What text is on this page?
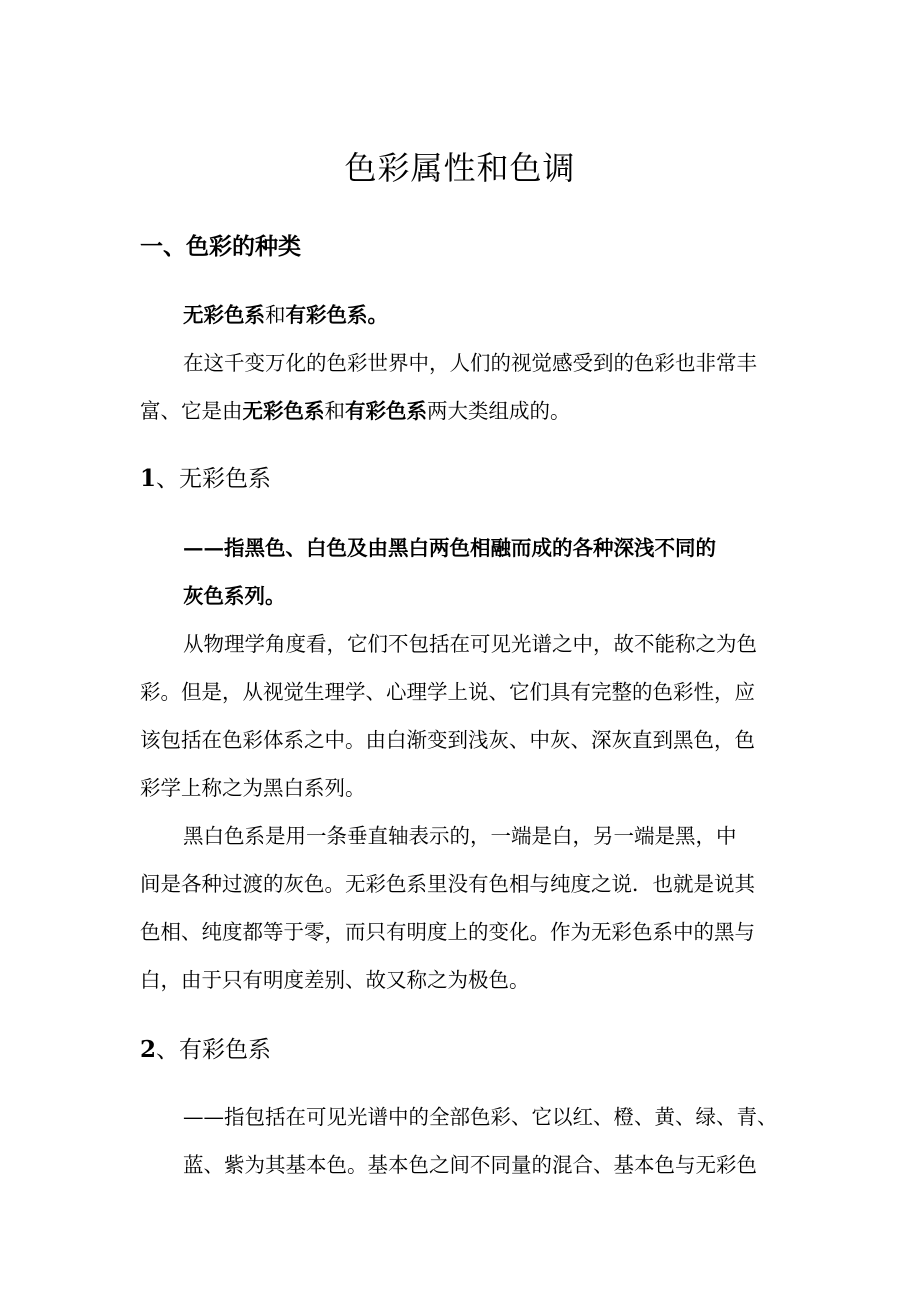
色彩属性和色调
一、色彩的种类

无彩色系和有彩色系。

在这千变万化的色彩世界中，人们的视觉感受到的色彩也非常丰

富、它是由无彩色系和有彩色系两大类组成的。

1、无彩色系

——指黑色、白色及由黑白两色相融而成的各种深浅不同的

灰色系列。

从物理学角度看，它们不包括在可见光谱之中，故不能称之为色

彩。但是，从视觉生理学、心理学上说、它们具有完整的色彩性，应

该包括在色彩体系之中。由白渐变到浅灰、中灰、深灰直到黑色，色

彩学上称之为黑白系列。

黑白色系是用一条垂直轴表示的，一端是白，另一端是黑，中

间是各种过渡的灰色。无彩色系里没有色相与纯度之说．也就是说其

色相、纯度都等于零，而只有明度上的变化。作为无彩色系中的黑与

白，由于只有明度差别、故又称之为极色。

2、有彩色系

——指包括在可见光谱中的全部色彩、它以红、橙、黄、绿、青、

蓝、紫为其基本色。基本色之间不同量的混合、基本色与无彩色
